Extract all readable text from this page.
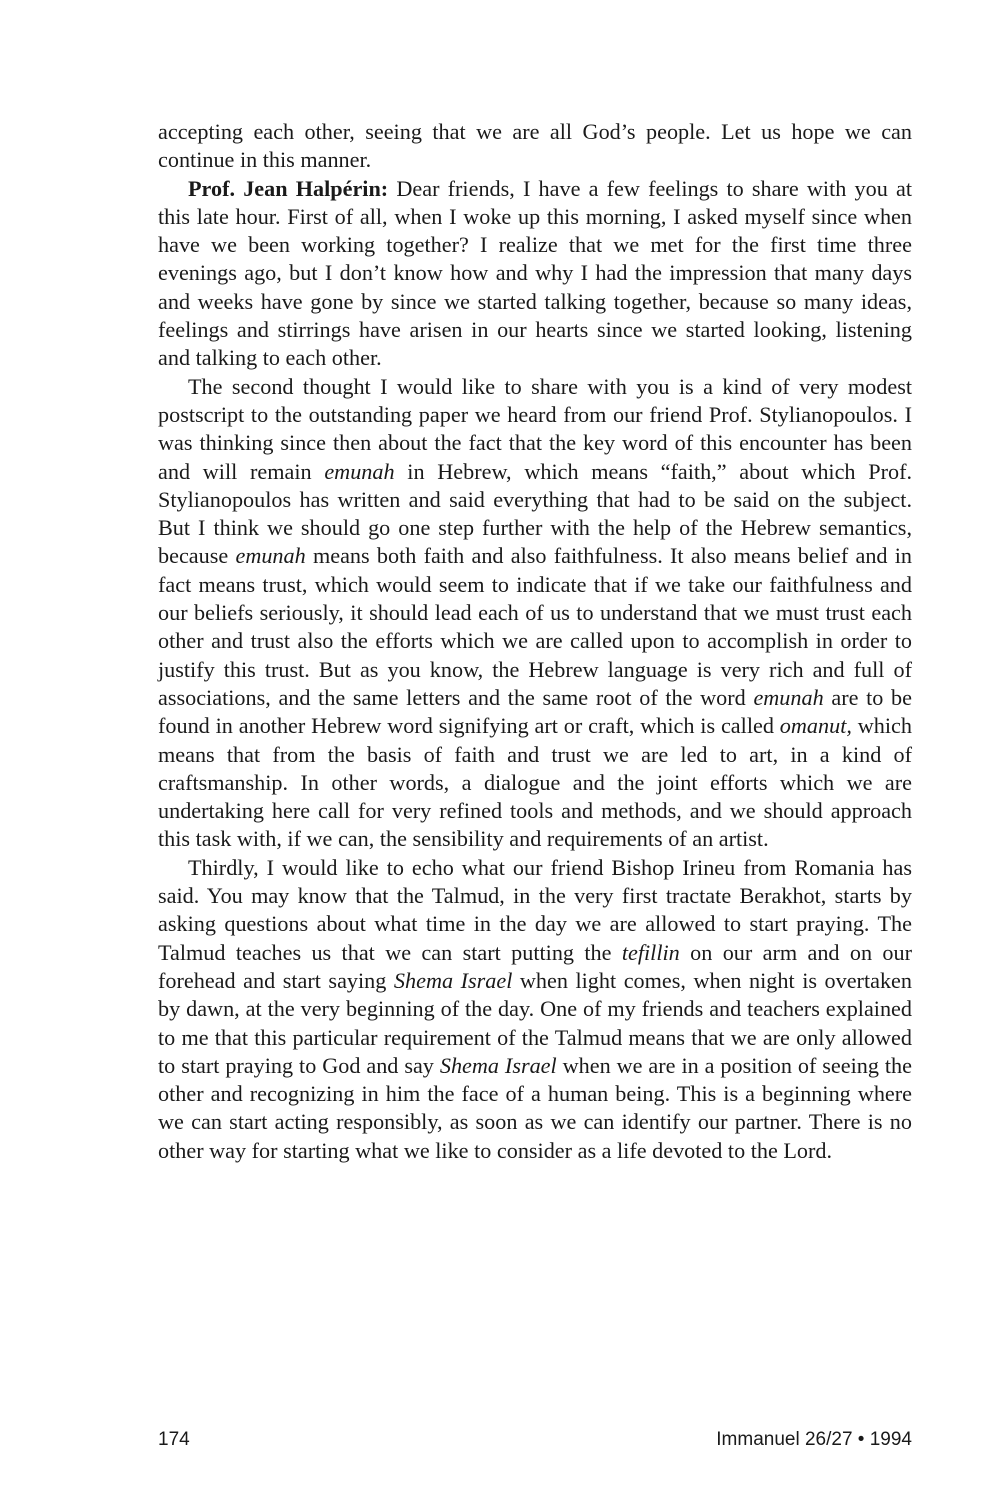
accepting each other, seeing that we are all God’s people. Let us hope we can continue in this manner.

Prof. Jean Halpérin: Dear friends, I have a few feelings to share with you at this late hour. First of all, when I woke up this morning, I asked myself since when have we been working together? I realize that we met for the first time three evenings ago, but I don’t know how and why I had the impression that many days and weeks have gone by since we started talking together, because so many ideas, feelings and stirrings have arisen in our hearts since we started looking, listening and talking to each other.

The second thought I would like to share with you is a kind of very modest postscript to the outstanding paper we heard from our friend Prof. Stylianopoulos. I was thinking since then about the fact that the key word of this encounter has been and will remain emunah in Hebrew, which means “faith,” about which Prof. Stylianopoulos has written and said everything that had to be said on the subject. But I think we should go one step further with the help of the Hebrew semantics, because emunah means both faith and also faithfulness. It also means belief and in fact means trust, which would seem to indicate that if we take our faithfulness and our beliefs seriously, it should lead each of us to understand that we must trust each other and trust also the efforts which we are called upon to accomplish in order to justify this trust. But as you know, the Hebrew language is very rich and full of associations, and the same letters and the same root of the word emunah are to be found in another Hebrew word signifying art or craft, which is called omanut, which means that from the basis of faith and trust we are led to art, in a kind of craftsmanship. In other words, a dialogue and the joint efforts which we are undertaking here call for very refined tools and methods, and we should approach this task with, if we can, the sensibility and requirements of an artist.

Thirdly, I would like to echo what our friend Bishop Irineu from Romania has said. You may know that the Talmud, in the very first tractate Berakhot, starts by asking questions about what time in the day we are allowed to start praying. The Talmud teaches us that we can start putting the tefillin on our arm and on our forehead and start saying Shema Israel when light comes, when night is overtaken by dawn, at the very beginning of the day. One of my friends and teachers explained to me that this particular requirement of the Talmud means that we are only allowed to start praying to God and say Shema Israel when we are in a position of seeing the other and recognizing in him the face of a human being. This is a beginning where we can start acting responsibly, as soon as we can identify our partner. There is no other way for starting what we like to consider as a life devoted to the Lord.

174	Immanuel 26/27 • 1994
